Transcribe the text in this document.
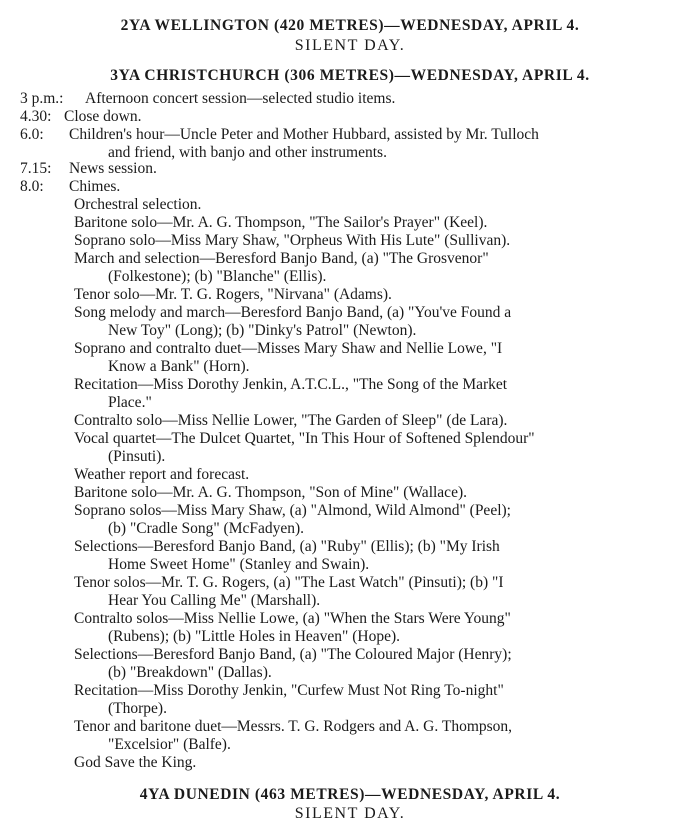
2YA WELLINGTON (420 METRES)—WEDNESDAY, APRIL 4.
SILENT DAY.
3YA CHRISTCHURCH (306 METRES)—WEDNESDAY, APRIL 4.
3 p.m.: Afternoon concert session—selected studio items.
4.30: Close down.
6.0: Children's hour—Uncle Peter and Mother Hubbard, assisted by Mr. Tulloch
and friend, with banjo and other instruments.
7.15: News session.
8.0: Chimes.
Orchestral selection.
Baritone solo—Mr. A. G. Thompson, "The Sailor's Prayer" (Keel).
Soprano solo—Miss Mary Shaw, "Orpheus With His Lute" (Sullivan).
March and selection—Beresford Banjo Band, (a) "The Grosvenor"
(Folkestone); (b) "Blanche" (Ellis).
Tenor solo—Mr. T. G. Rogers, "Nirvana" (Adams).
Song melody and march—Beresford Banjo Band, (a) "You've Found a
New Toy" (Long); (b) "Dinky's Patrol" (Newton).
Soprano and contralto duet—Misses Mary Shaw and Nellie Lowe, "I
Know a Bank" (Horn).
Recitation—Miss Dorothy Jenkin, A.T.C.L., "The Song of the Market
Place."
Contralto solo—Miss Nellie Lower, "The Garden of Sleep" (de Lara).
Vocal quartet—The Dulcet Quartet, "In This Hour of Softened Splendour"
(Pinsuti).
Weather report and forecast.
Baritone solo—Mr. A. G. Thompson, "Son of Mine" (Wallace).
Soprano solos—Miss Mary Shaw, (a) "Almond, Wild Almond" (Peel);
(b) "Cradle Song" (McFadyen).
Selections—Beresford Banjo Band, (a) "Ruby" (Ellis); (b) "My Irish
Home Sweet Home" (Stanley and Swain).
Tenor solos—Mr. T. G. Rogers, (a) "The Last Watch" (Pinsuti); (b) "I
Hear You Calling Me" (Marshall).
Contralto solos—Miss Nellie Lowe, (a) "When the Stars Were Young"
(Rubens); (b) "Little Holes in Heaven" (Hope).
Selections—Beresford Banjo Band, (a) "The Coloured Major (Henry);
(b) "Breakdown" (Dallas).
Recitation—Miss Dorothy Jenkin, "Curfew Must Not Ring To-night"
(Thorpe).
Tenor and baritone duet—Messrs. T. G. Rodgers and A. G. Thompson,
"Excelsior" (Balfe).
God Save the King.
4YA DUNEDIN (463 METRES)—WEDNESDAY, APRIL 4.
SILENT DAY.
